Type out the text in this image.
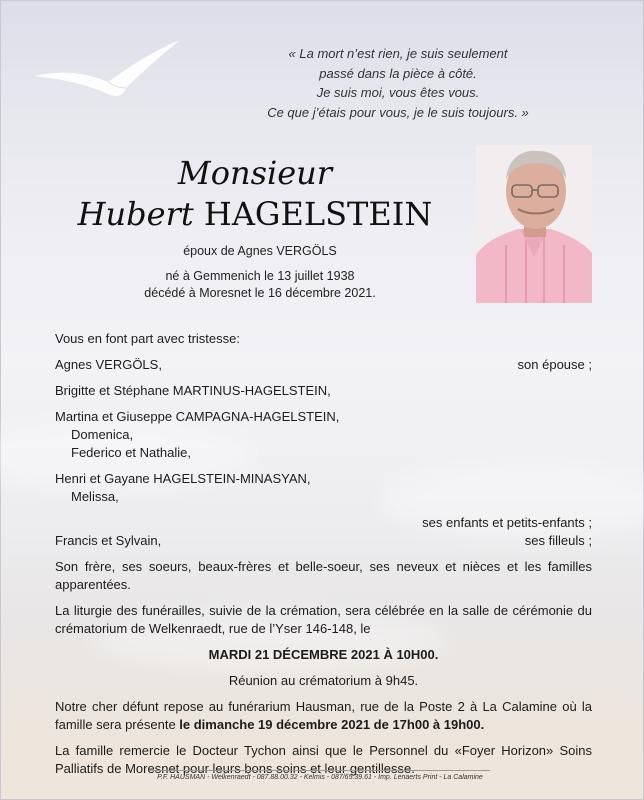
« La mort n’est rien, je suis seulement
passé dans la pièce à côté.
Je suis moi, vous êtes vous.
Ce que j’étais pour vous, je le suis toujours. »
Monsieur
Hubert HAGELSTEIN
époux de Agnes VERGÖLS
né à Gemmenich le 13 juillet 1938
décédé à Moresnet le 16 décembre 2021.
Vous en font part avec tristesse:
Agnes VERGÖLS,	son épouse ;
Brigitte et Stéphane MARTINUS-HAGELSTEIN,
Martina et Giuseppe CAMPAGNA-HAGELSTEIN,
Domenica,
Federico et Nathalie,
Henri et Gayane HAGELSTEIN-MINASYAN,
Melissa,
ses enfants et petits-enfants ;
Francis et Sylvain,	ses filleuls ;
Son frère, ses soeurs, beaux-frères et belle-soeur, ses neveux et nièces et les familles apparentées.
La liturgie des funérailles, suivie de la crémation, sera célébrée en la salle de cérémonie du crématorium de Welkenraedt, rue de l’Yser 146-148, le
MARDI 21 DÉCEMBRE 2021 À 10H00.
Réunion au crématorium à 9h45.
Notre cher défunt repose au funérarium Hausman, rue de la Poste 2 à La Calamine où la famille sera présente le dimanche 19 décembre 2021 de 17h00 à 19h00.
La famille remercie le Docteur Tychon ainsi que le Personnel du «Foyer Horizon» Soins Palliatifs de Moresnet pour leurs bons soins et leur gentillesse.
P.F. HAUSMAN - Welkenraedt - 087.88.00.32 - Kelmis - 087/65.39.61 - Imp. Lenaerts Print - La Calamine
